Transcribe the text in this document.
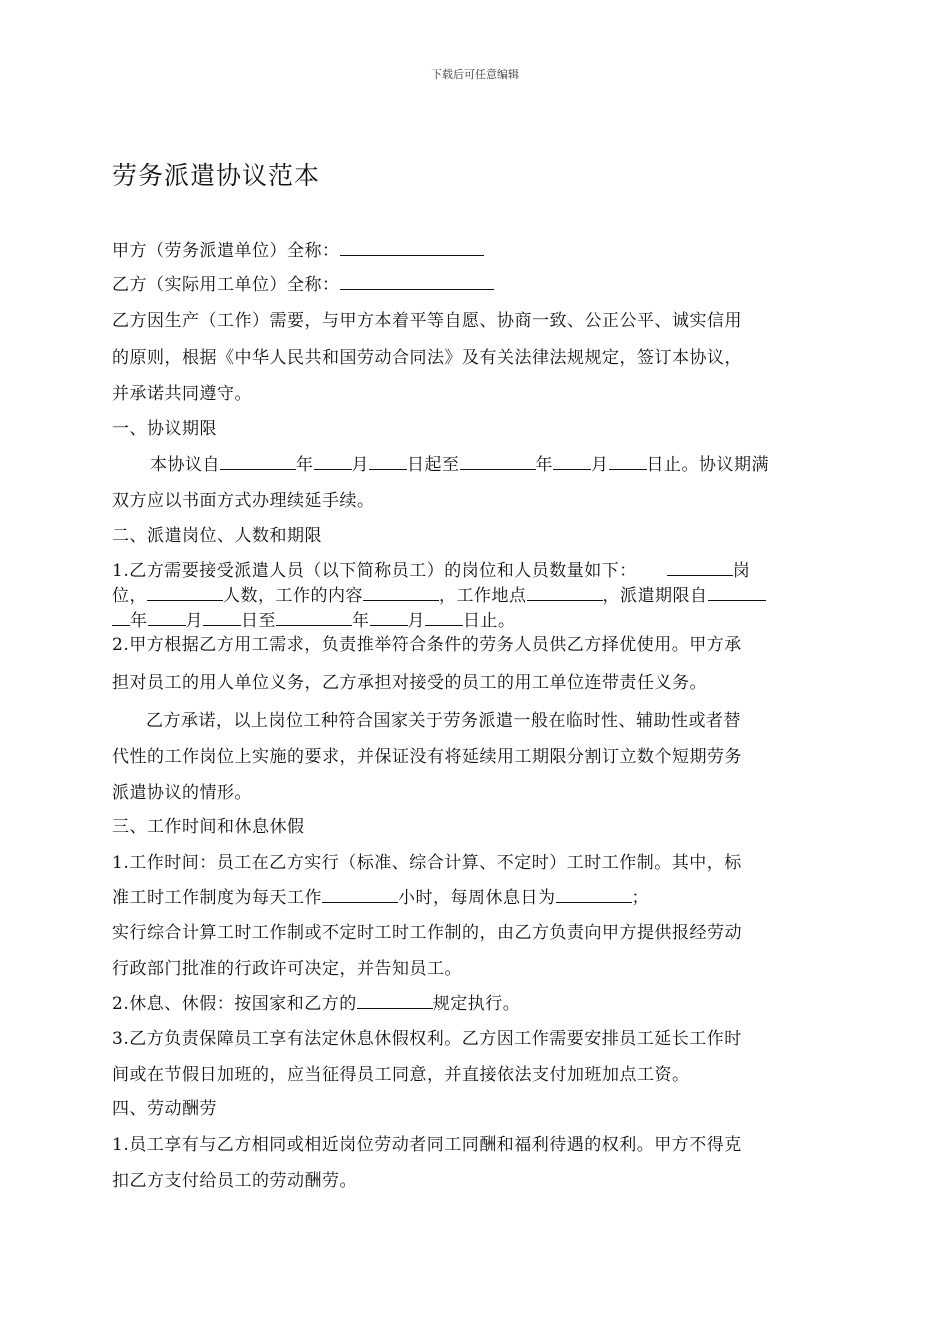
下载后可任意编辑
劳务派遣协议范本
甲方（劳务派遣单位）全称：
乙方（实际用工单位）全称：
乙方因生产（工作）需要，与甲方本着平等自愿、协商一致、公正公平、诚实信用
的原则，根据《中华人民共和国劳动合同法》及有关法律法规规定，签订本协议，
并承诺共同遵守。
一、协议期限
本协议自	年 月 日起至	年 月 日止。协议期满
双方应以书面方式办理续延手续。
二、派遣岗位、人数和期限
1.乙方需要接受派遣人员（以下简称员工）的岗位和人员数量如下：	岗
位，	人数，工作的内容	，工作地点	，派遣期限自
年 月 日至	年 月 日止。
2.甲方根据乙方用工需求，负责推举符合条件的劳务人员供乙方择优使用。甲方承
担对员工的用人单位义务，乙方承担对接受的员工的用工单位连带责任义务。
乙方承诺，以上岗位工种符合国家关于劳务派遣一般在临时性、辅助性或者替
代性的工作岗位上实施的要求，并保证没有将延续用工期限分割订立数个短期劳务
派遣协议的情形。
三、工作时间和休息休假
1.工作时间：员工在乙方实行（标准、综合计算、不定时）工时工作制。其中，标
准工时工作制度为每天工作	小时，每周休息日为	；
实行综合计算工时工作制或不定时工时工作制的，由乙方负责向甲方提供报经劳动
行政部门批准的行政许可决定，并告知员工。
2.休息、休假：按国家和乙方的	规定执行。
3.乙方负责保障员工享有法定休息休假权利。乙方因工作需要安排员工延长工作时
间或在节假日加班的，应当征得员工同意，并直接依法支付加班加点工资。
四、劳动酬劳
1.员工享有与乙方相同或相近岗位劳动者同工同酬和福利待遇的权利。甲方不得克
扣乙方支付给员工的劳动酬劳。
